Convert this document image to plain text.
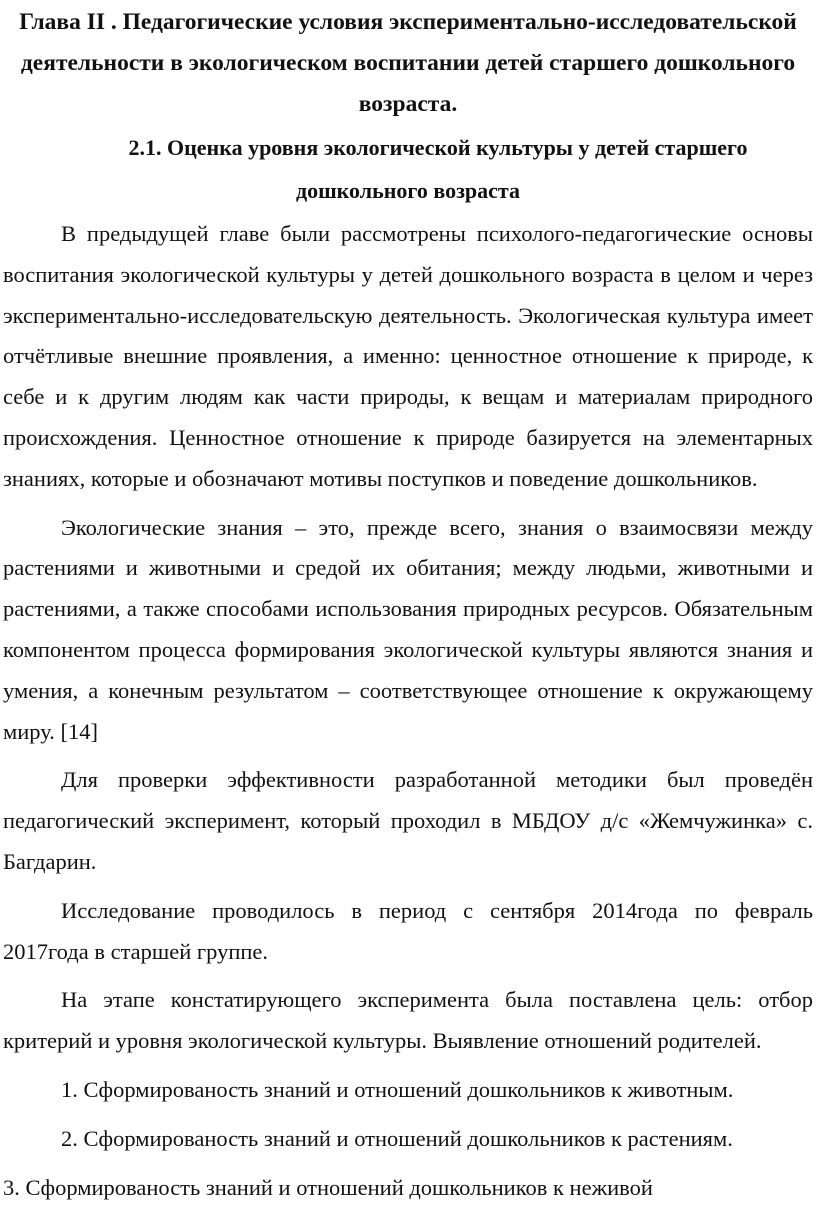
Глава II . Педагогические условия экспериментально-исследовательской деятельности в экологическом воспитании детей старшего дошкольного возраста.
2.1. Оценка уровня экологической культуры у детей старшего
дошкольного возраста

В предыдущей главе были рассмотрены психолого-педагогические основы воспитания экологической культуры у детей дошкольного возраста в целом и через экспериментально-исследовательскую деятельность. Экологическая культура имеет отчётливые внешние проявления, а именно: ценностное отношение к природе, к себе и к другим людям как части природы, к вещам и материалам природного происхождения. Ценностное отношение к природе базируется на элементарных знаниях, которые и обозначают мотивы поступков и поведение дошкольников.

Экологические знания – это, прежде всего, знания о взаимосвязи между растениями и животными и средой их обитания; между людьми, животными и растениями, а также способами использования природных ресурсов. Обязательным компонентом процесса формирования экологической культуры являются знания и умения, а конечным результатом – соответствующее отношение к окружающему миру. [14]

Для проверки эффективности разработанной методики был проведён педагогический эксперимент, который проходил в МБДОУ д/с «Жемчужинка» с. Багдарин.

Исследование проводилось в период с сентября 2014года по февраль 2017года в старшей группе.

На этапе констатирующего эксперимента была поставлена цель: отбор критерий и уровня экологической культуры. Выявление отношений родителей.

1. Сформированость знаний и отношений дошкольников к животным.

2. Сформированость знаний и отношений дошкольников к растениям.

3. Сформированость знаний и отношений дошкольников к неживой
